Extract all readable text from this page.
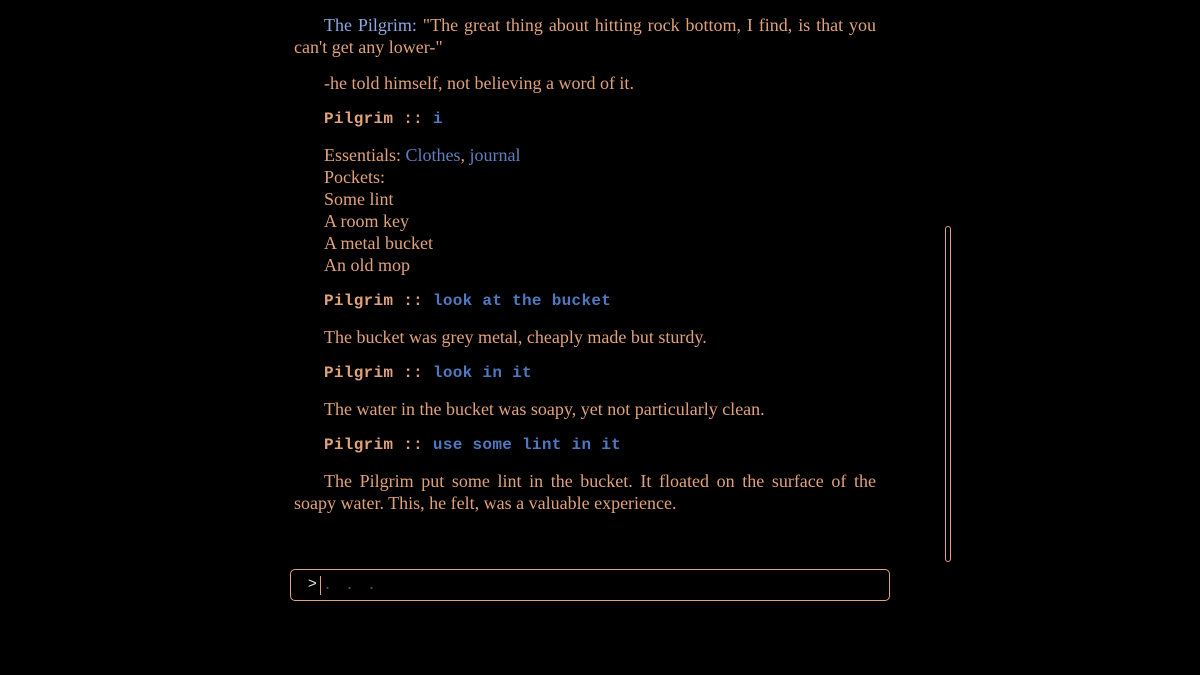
The Pilgrim: "The great thing about hitting rock bottom, I find, is that you can't get any lower-"

-he told himself, not believing a word of it.

Pilgrim :: i
Essentials: Clothes, journal
Pockets:
Some lint
A room key
A metal bucket
An old mop
Pilgrim :: look at the bucket

The bucket was grey metal, cheaply made but sturdy.

Pilgrim :: look in it

The water in the bucket was soapy, yet not particularly clean.

Pilgrim :: use some lint in it

The Pilgrim put some lint in the bucket. It floated on the surface of the soapy water. This, he felt, was a valuable experience.

>
. . .
